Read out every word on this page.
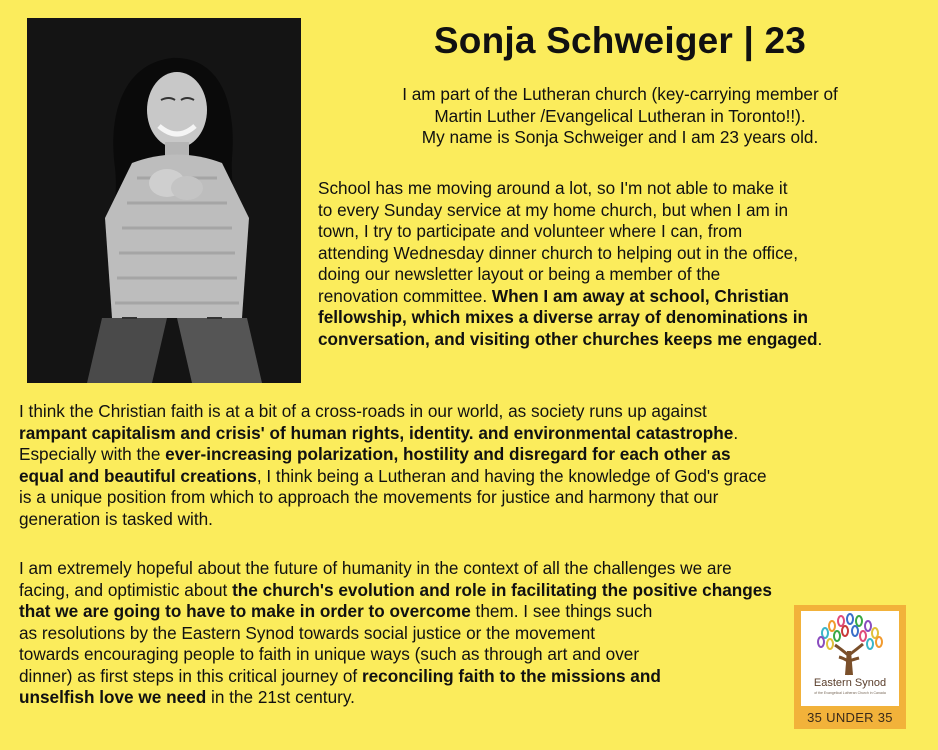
Sonja Schweiger | 23
I am part of the Lutheran church (key-carrying member of
Martin Luther /Evangelical Lutheran in Toronto!!).
My name is Sonja Schweiger and I am 23 years old.
School has me moving around a lot, so I'm not able to make it
to every Sunday service at my home church, but when I am in
town, I try to participate and volunteer where I can, from
attending Wednesday dinner church to helping out in the office,
doing our newsletter layout or being a member of the
renovation committee. When I am away at school, Christian
fellowship, which mixes a diverse array of denominations in
conversation, and visiting other churches keeps me engaged.
I think the Christian faith is at a bit of a cross-roads in our world, as society runs up against
rampant capitalism and crisis' of human rights, identity. and environmental catastrophe.
Especially with the ever-increasing polarization, hostility and disregard for each other as
equal and beautiful creations, I think being a Lutheran and having the knowledge of God's grace
is a unique position from which to approach the movements for justice and harmony that our
generation is tasked with.
I am extremely hopeful about the future of humanity in the context of all the challenges we are
facing, and optimistic about the church's evolution and role in facilitating the positive changes
that we are going to have to make in order to overcome them. I see things such
as resolutions by the Eastern Synod towards social justice or the movement
towards encouraging people to faith in unique ways (such as through art and over
dinner) as first steps in this critical journey of reconciling faith to the missions and
unselfish love we need in the 21st century.
Eastern Synod
of the Evangelical Lutheran Church in Canada
35 UNDER 35
